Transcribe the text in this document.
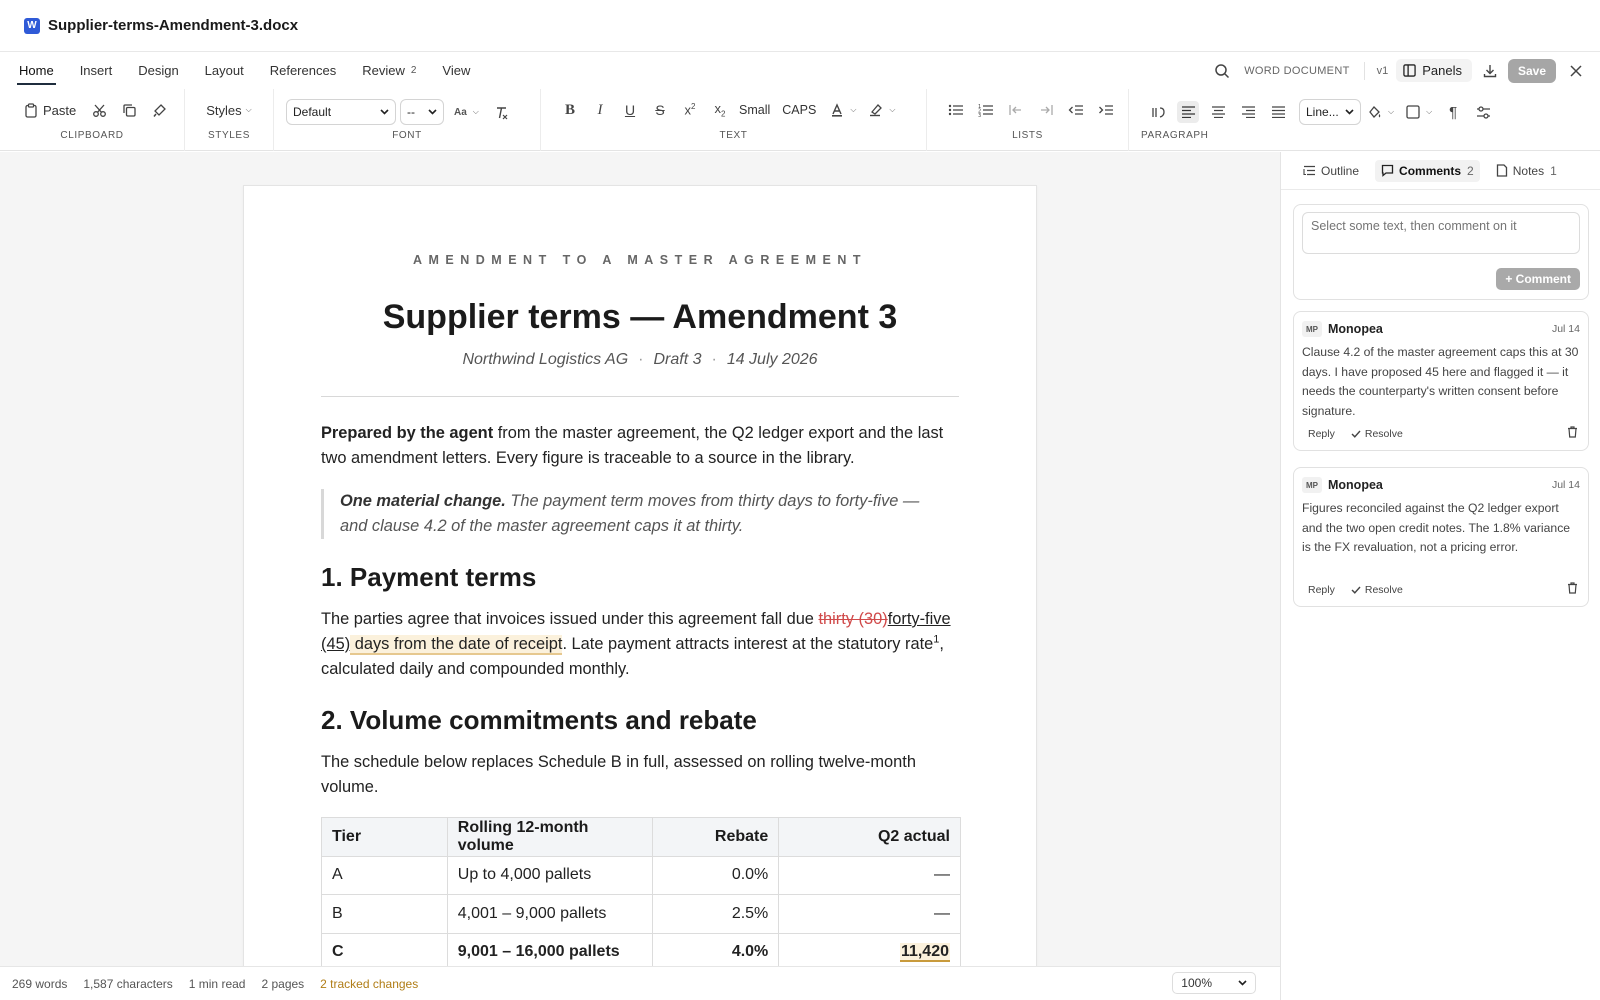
W Supplier-terms-Amendment-3.docx
Home Insert Design Layout References Review 2 View	WORD DOCUMENT v1	Panels	Save
Paste
CLIPBOARD
Styles ⌵
STYLES
Default	--	Aa ⌵
FONT
B I U S $x^2$ $x_2$ Small CAPS	⌵	⌵
TEXT
1
2
3
LISTS
Line...	⌵	⌵ ¶
PARAGRAPH
AMENDMENT TO A MASTER AGREEMENT
Supplier terms — Amendment 3
Northwind Logistics AG · Draft 3 · 14 July 2026
Prepared by the agent from the master agreement, the Q2 ledger export and the last two amendment letters. Every figure is traceable to a source in the library.
One material change. The payment term moves from thirty days to forty-five — and clause 4.2 of the master agreement caps it at thirty.
1. Payment terms
The parties agree that invoices issued under this agreement fall due thirty (30)forty-five (45) days from the date of receipt. Late payment attracts interest at the statutory rate$^1$, calculated daily and compounded monthly.
2. Volume commitments and rebate
The schedule below replaces Schedule B in full, assessed on rolling twelve-month volume.
Tier	Rolling 12-month volume	Rebate	Q2 actual
A	Up to 4,000 pallets	0.0%	—
B	4,001 – 9,000 pallets	2.5%	—
C	9,001 – 16,000 pallets	4.0%	11,420
269 words 1,587 characters 1 min read 2 pages 2 tracked changes	100%
Outline	Comments 2	Notes 1
Select some text, then comment on it
+ Comment
MP Monopea	Jul 14
Clause 4.2 of the master agreement caps this at 30 days. I have proposed 45 here and flagged it — it needs the counterparty's written consent before signature.
Reply	Resolve
MP Monopea	Jul 14
Figures reconciled against the Q2 ledger export and the two open credit notes. The 1.8% variance is the FX revaluation, not a pricing error.
Reply	Resolve
